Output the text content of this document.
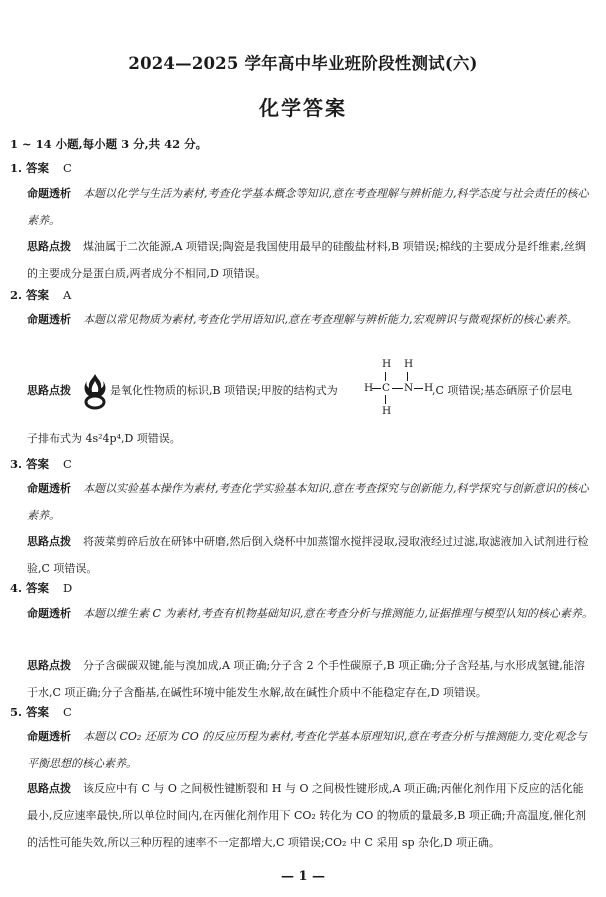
2024—2025 学年高中毕业班阶段性测试(六)
化学答案
1 ~ 14 小题,每小题 3 分,共 42 分。
1. 答案 C
命题透析 本题以化学与生活为素材,考查化学基本概念等知识,意在考查理解与辨析能力,科学态度与社会责任的核心素养。
思路点拨 煤油属于二次能源,A 项错误;陶瓷是我国使用最早的硅酸盐材料,B 项错误;棉线的主要成分是纤维素,丝绸的主要成分是蛋白质,两者成分不相同,D 项错误。
2. 答案 A
命题透析 本题以常见物质为素材,考查化学用语知识,意在考查理解与辨析能力,宏观辨识与微观探析的核心素养。
思路点拨	是氧化性物质的标识,B 项错误;甲胺的结构式为
H H
H C N H
H
,C 项错误;基态硒原子价层电
子排布式为 4s²4p⁴,D 项错误。
3. 答案 C
命题透析 本题以实验基本操作为素材,考查化学实验基本知识,意在考查探究与创新能力,科学探究与创新意识的核心素养。
思路点拨 将菠菜剪碎后放在研钵中研磨,然后倒入烧杯中加蒸馏水搅拌浸取,浸取液经过过滤,取滤液加入试剂进行检验,C 项错误。
4. 答案 D
命题透析 本题以维生素 C 为素材,考查有机物基础知识,意在考查分析与推测能力,证据推理与模型认知的核心素养。
思路点拨 分子含碳碳双键,能与溴加成,A 项正确;分子含 2 个手性碳原子,B 项正确;分子含羟基,与水形成氢键,能溶于水,C 项正确;分子含酯基,在碱性环境中能发生水解,故在碱性介质中不能稳定存在,D 项错误。
5. 答案 C
命题透析 本题以 CO₂ 还原为 CO 的反应历程为素材,考查化学基本原理知识,意在考查分析与推测能力,变化观念与平衡思想的核心素养。
思路点拨 该反应中有 C 与 O 之间极性键断裂和 H 与 O 之间极性键形成,A 项正确;丙催化剂作用下反应的活化能最小,反应速率最快,所以单位时间内,在丙催化剂作用下 CO₂ 转化为 CO 的物质的量最多,B 项正确;升高温度,催化剂的活性可能失效,所以三种历程的速率不一定都增大,C 项错误;CO₂ 中 C 采用 sp 杂化,D 项正确。
— 1 —
